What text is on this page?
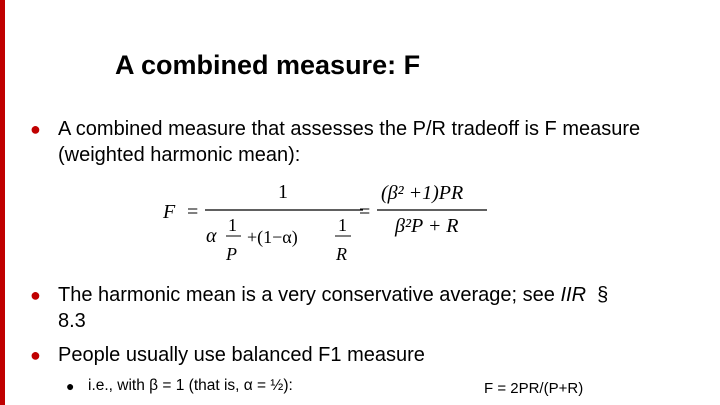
A combined measure: F
● A combined measure that assesses the P/R tradeoff is F measure
(weighted harmonic mean):
F =
1
α 1
P
+(1−α)
1
R
=
(β² +1)PR
β²P + R
● The harmonic mean is a very conservative average; see IIR  §
8.3
● People usually use balanced F1 measure
● i.e., with β = 1 (that is, α = ½):	F = 2PR/(P+R)
